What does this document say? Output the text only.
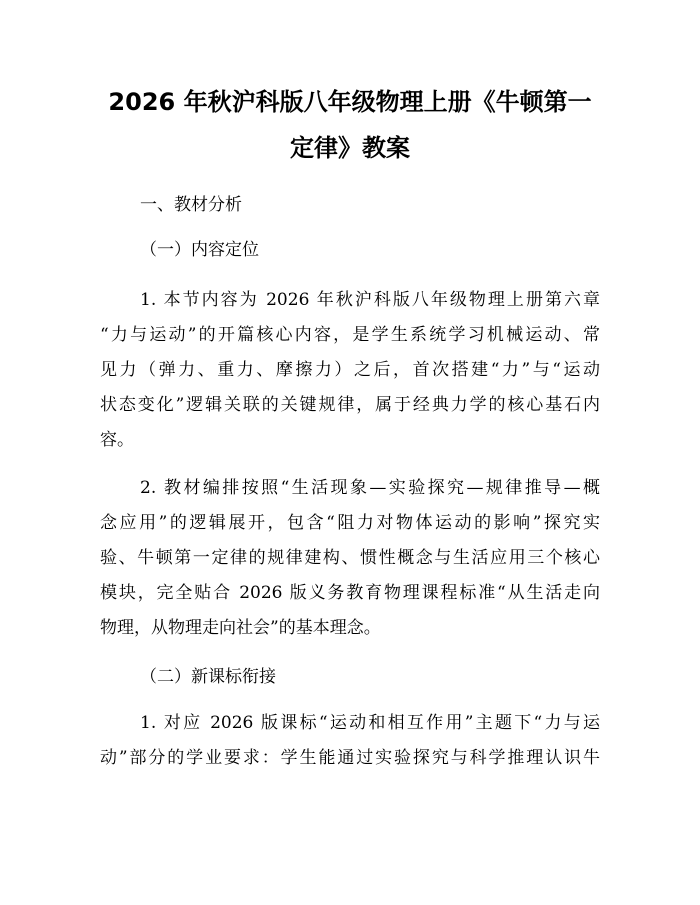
2026 年秋沪科版八年级物理上册《牛顿第一
定律》教案

一、教材分析

（一）内容定位

1. 本节内容为 2026 年秋沪科版八年级物理上册第六章

“力与运动”的开篇核心内容，是学生系统学习机械运动、常

见力（弹力、重力、摩擦力）之后，首次搭建“力”与“运动

状态变化”逻辑关联的关键规律，属于经典力学的核心基石内

容。

2. 教材编排按照“生活现象—实验探究—规律推导—概

念应用”的逻辑展开，包含“阻力对物体运动的影响”探究实

验、牛顿第一定律的规律建构、惯性概念与生活应用三个核心

模块，完全贴合 2026 版义务教育物理课程标准“从生活走向

物理，从物理走向社会”的基本理念。

（二）新课标衔接

1. 对应 2026 版课标“运动和相互作用”主题下“力与运

动”部分的学业要求：学生能通过实验探究与科学推理认识牛
